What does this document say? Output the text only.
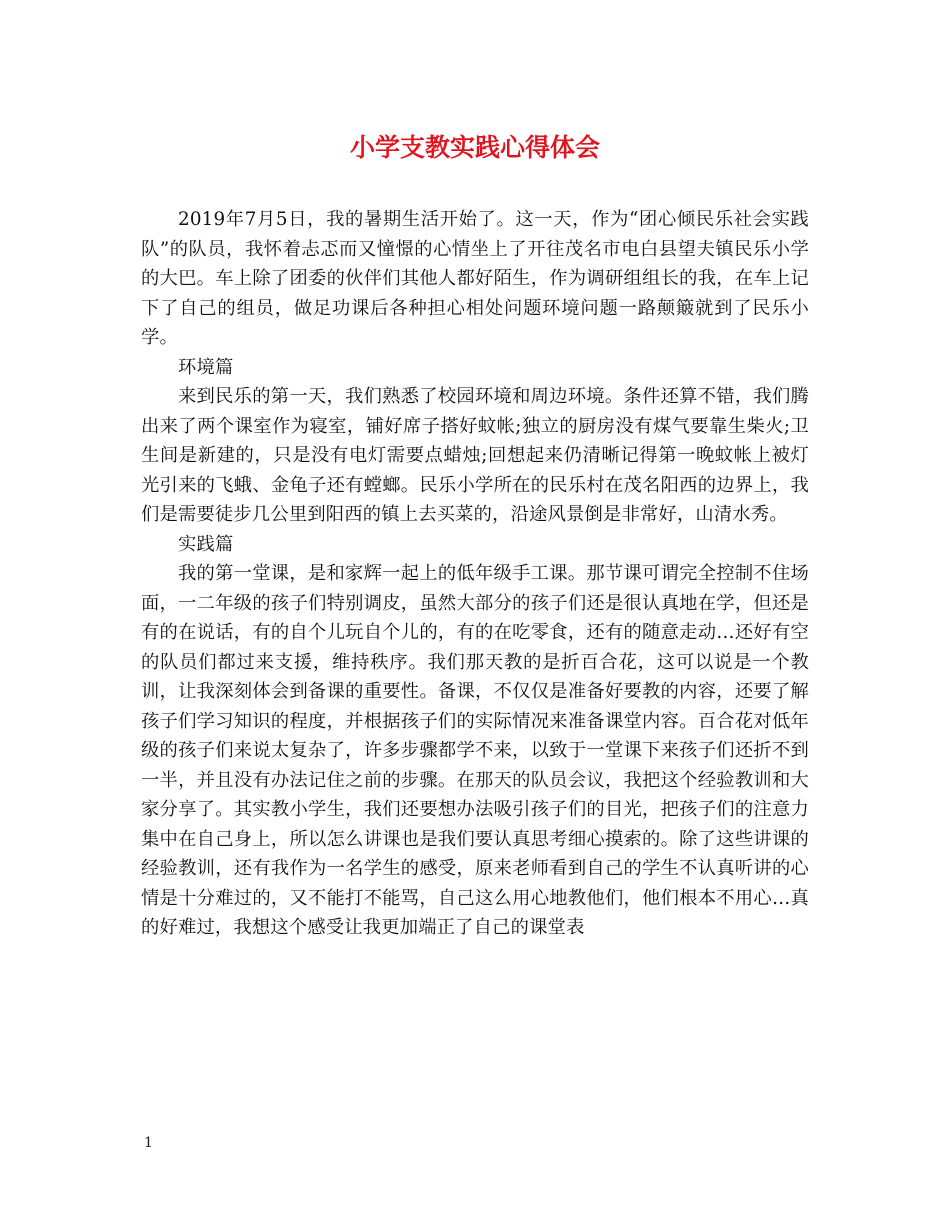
小学支教实践心得体会

2019年7月5日，我的暑期生活开始了。这一天，作为“团心倾民乐社会实践队”的队员，我怀着忐忑而又憧憬的心情坐上了开往茂名市电白县望夫镇民乐小学的大巴。车上除了团委的伙伴们其他人都好陌生，作为调研组组长的我，在车上记下了自己的组员，做足功课后各种担心相处问题环境问题一路颠簸就到了民乐小学。

环境篇

来到民乐的第一天，我们熟悉了校园环境和周边环境。条件还算不错，我们腾出来了两个课室作为寝室，铺好席子搭好蚊帐;独立的厨房没有煤气要靠生柴火;卫生间是新建的，只是没有电灯需要点蜡烛;回想起来仍清晰记得第一晚蚊帐上被灯光引来的飞蛾、金龟子还有螳螂。民乐小学所在的民乐村在茂名阳西的边界上，我们是需要徒步几公里到阳西的镇上去买菜的，沿途风景倒是非常好，山清水秀。

实践篇

我的第一堂课，是和家辉一起上的低年级手工课。那节课可谓完全控制不住场面，一二年级的孩子们特别调皮，虽然大部分的孩子们还是很认真地在学，但还是有的在说话，有的自个儿玩自个儿的，有的在吃零食，还有的随意走动…还好有空的队员们都过来支援，维持秩序。我们那天教的是折百合花，这可以说是一个教训，让我深刻体会到备课的重要性。备课，不仅仅是准备好要教的内容，还要了解孩子们学习知识的程度，并根据孩子们的实际情况来准备课堂内容。百合花对低年级的孩子们来说太复杂了，许多步骤都学不来，以致于一堂课下来孩子们还折不到一半，并且没有办法记住之前的步骤。在那天的队员会议，我把这个经验教训和大家分享了。其实教小学生，我们还要想办法吸引孩子们的目光，把孩子们的注意力集中在自己身上，所以怎么讲课也是我们要认真思考细心摸索的。除了这些讲课的经验教训，还有我作为一名学生的感受，原来老师看到自己的学生不认真听讲的心情是十分难过的，又不能打不能骂，自己这么用心地教他们，他们根本不用心…真的好难过，我想这个感受让我更加端正了自己的课堂表

1
